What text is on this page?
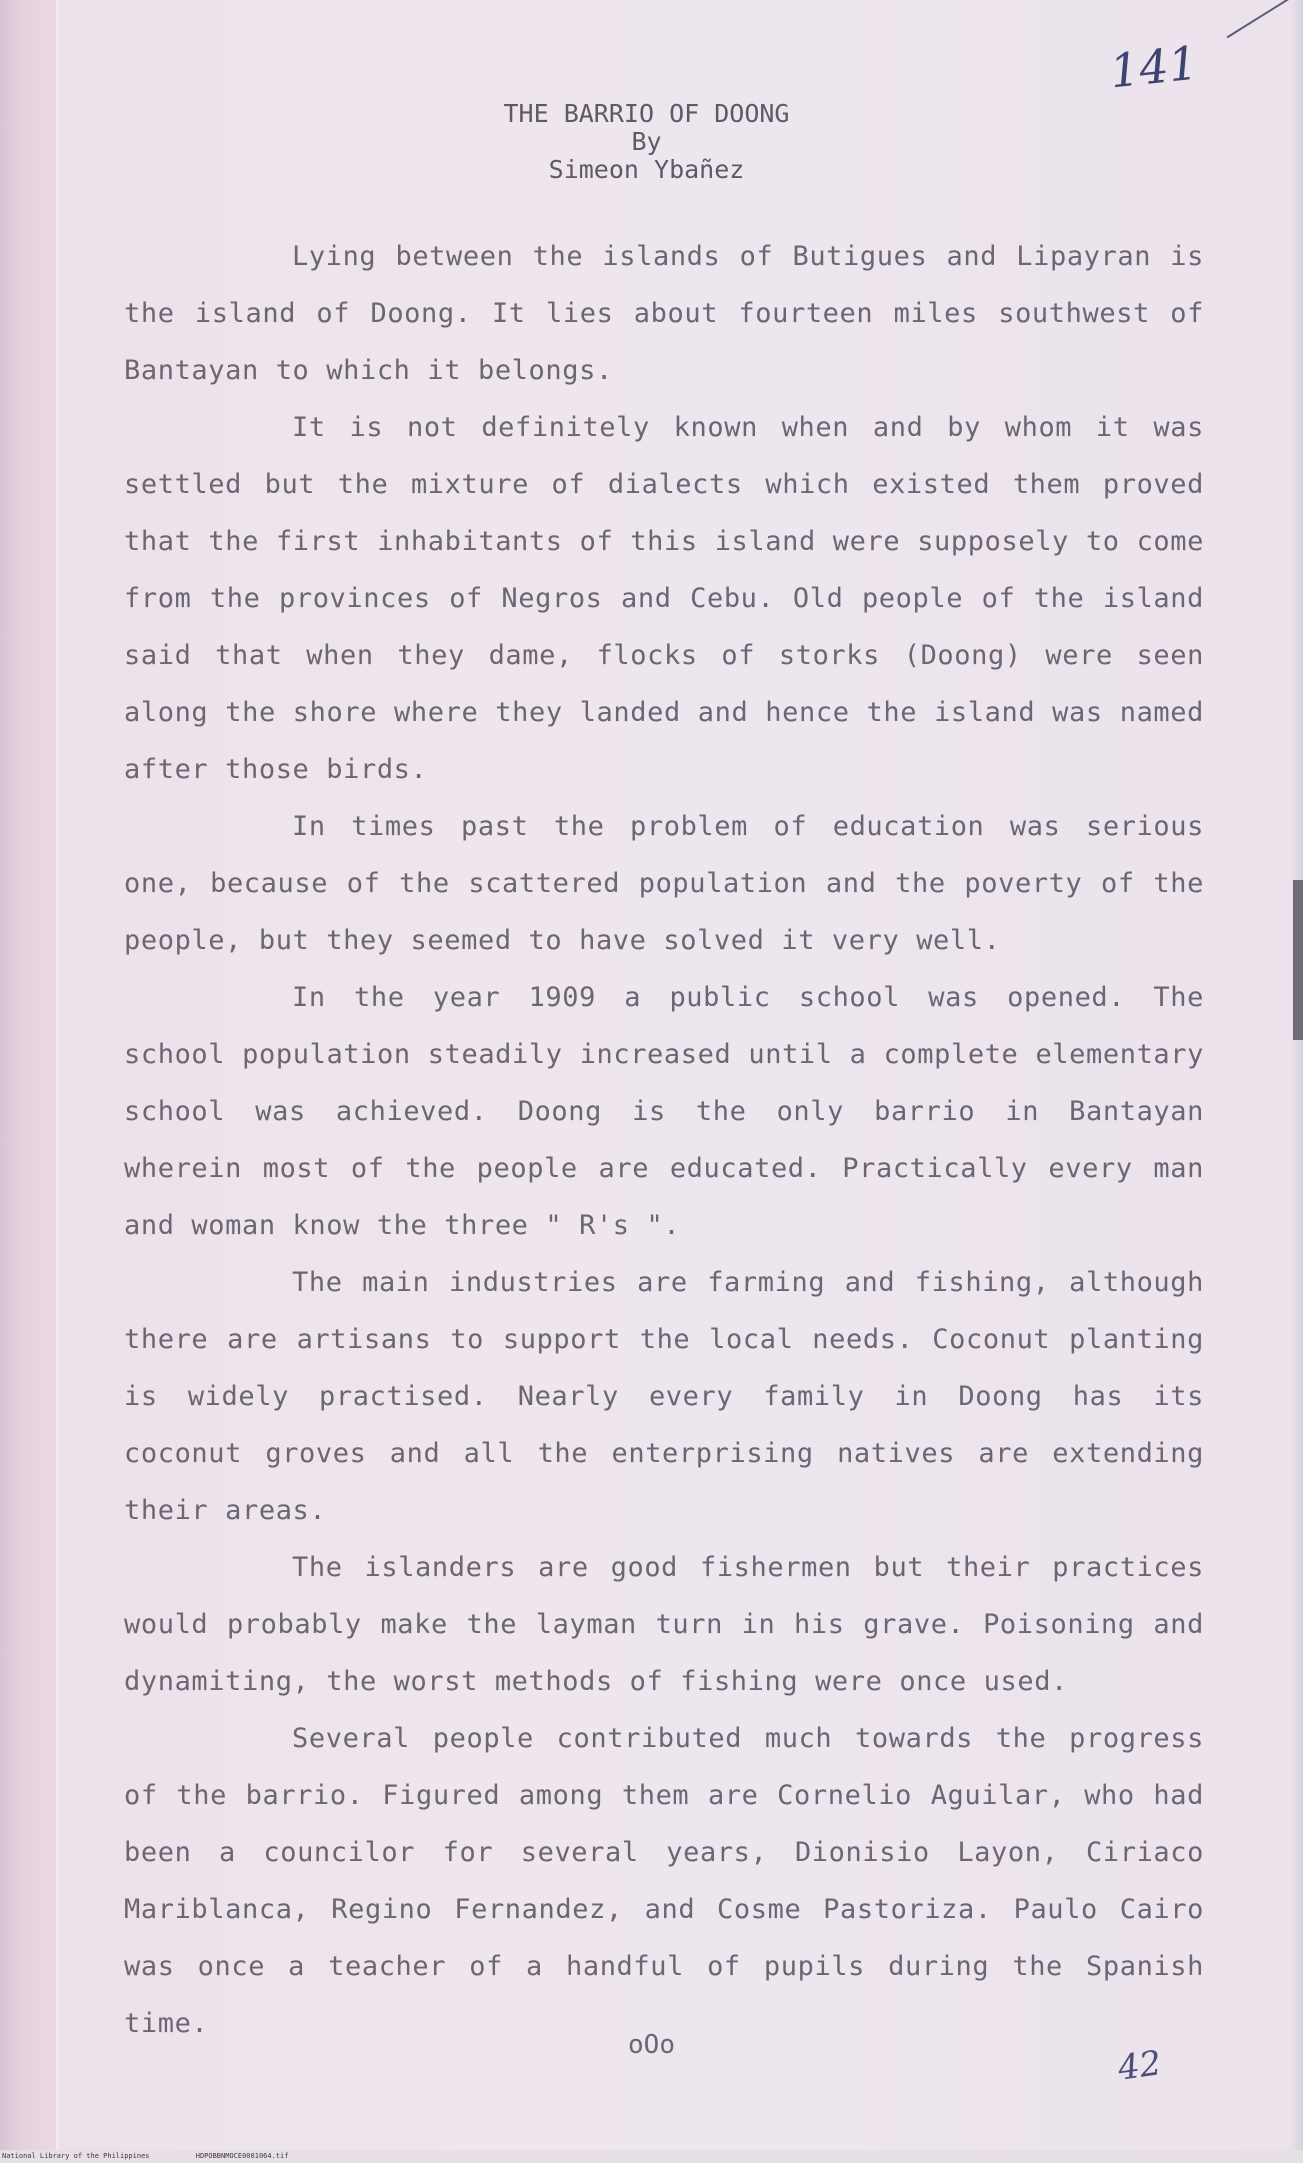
141
THE BARRIO OF DOONG
By
Simeon Ybañez

Lying between the islands of Butigues and Lipayran is the island of Doong. It lies about fourteen miles southwest of Bantayan to which it belongs.

It is not definitely known when and by whom it was settled but the mixture of dialects which existed them proved that the first inhabitants of this island were supposely to come from the provinces of Negros and Cebu. Old people of the island said that when they dame, flocks of storks (Doong) were seen along the shore where they landed and hence the island was named after those birds.

In times past the problem of education was serious one, because of the scattered population and the poverty of the people, but they seemed to have solved it very well.

In the year 1909 a public school was opened. The school population steadily increased until a complete elementary school was achieved. Doong is the only barrio in Bantayan wherein most of the people are educated. Practically every man and woman know the three " R's ".

The main industries are farming and fishing, although there are artisans to support the local needs. Coconut planting is widely practised. Nearly every family in Doong has its coconut groves and all the enterprising natives are extending their areas.

The islanders are good fishermen but their practices would probably make the layman turn in his grave. Poisoning and dynamiting, the worst methods of fishing were once used.

Several people contributed much towards the progress of the barrio. Figured among them are Cornelio Aguilar, who had been a councilor for several years, Dionisio Layon, Ciriaco Mariblanca, Regino Fernandez, and Cosme Pastoriza. Paulo Cairo was once a teacher of a handful of pupils during the Spanish time.

oOo	42
National Library of the Philippines	HDPOBBNMOCE0001064.tif
